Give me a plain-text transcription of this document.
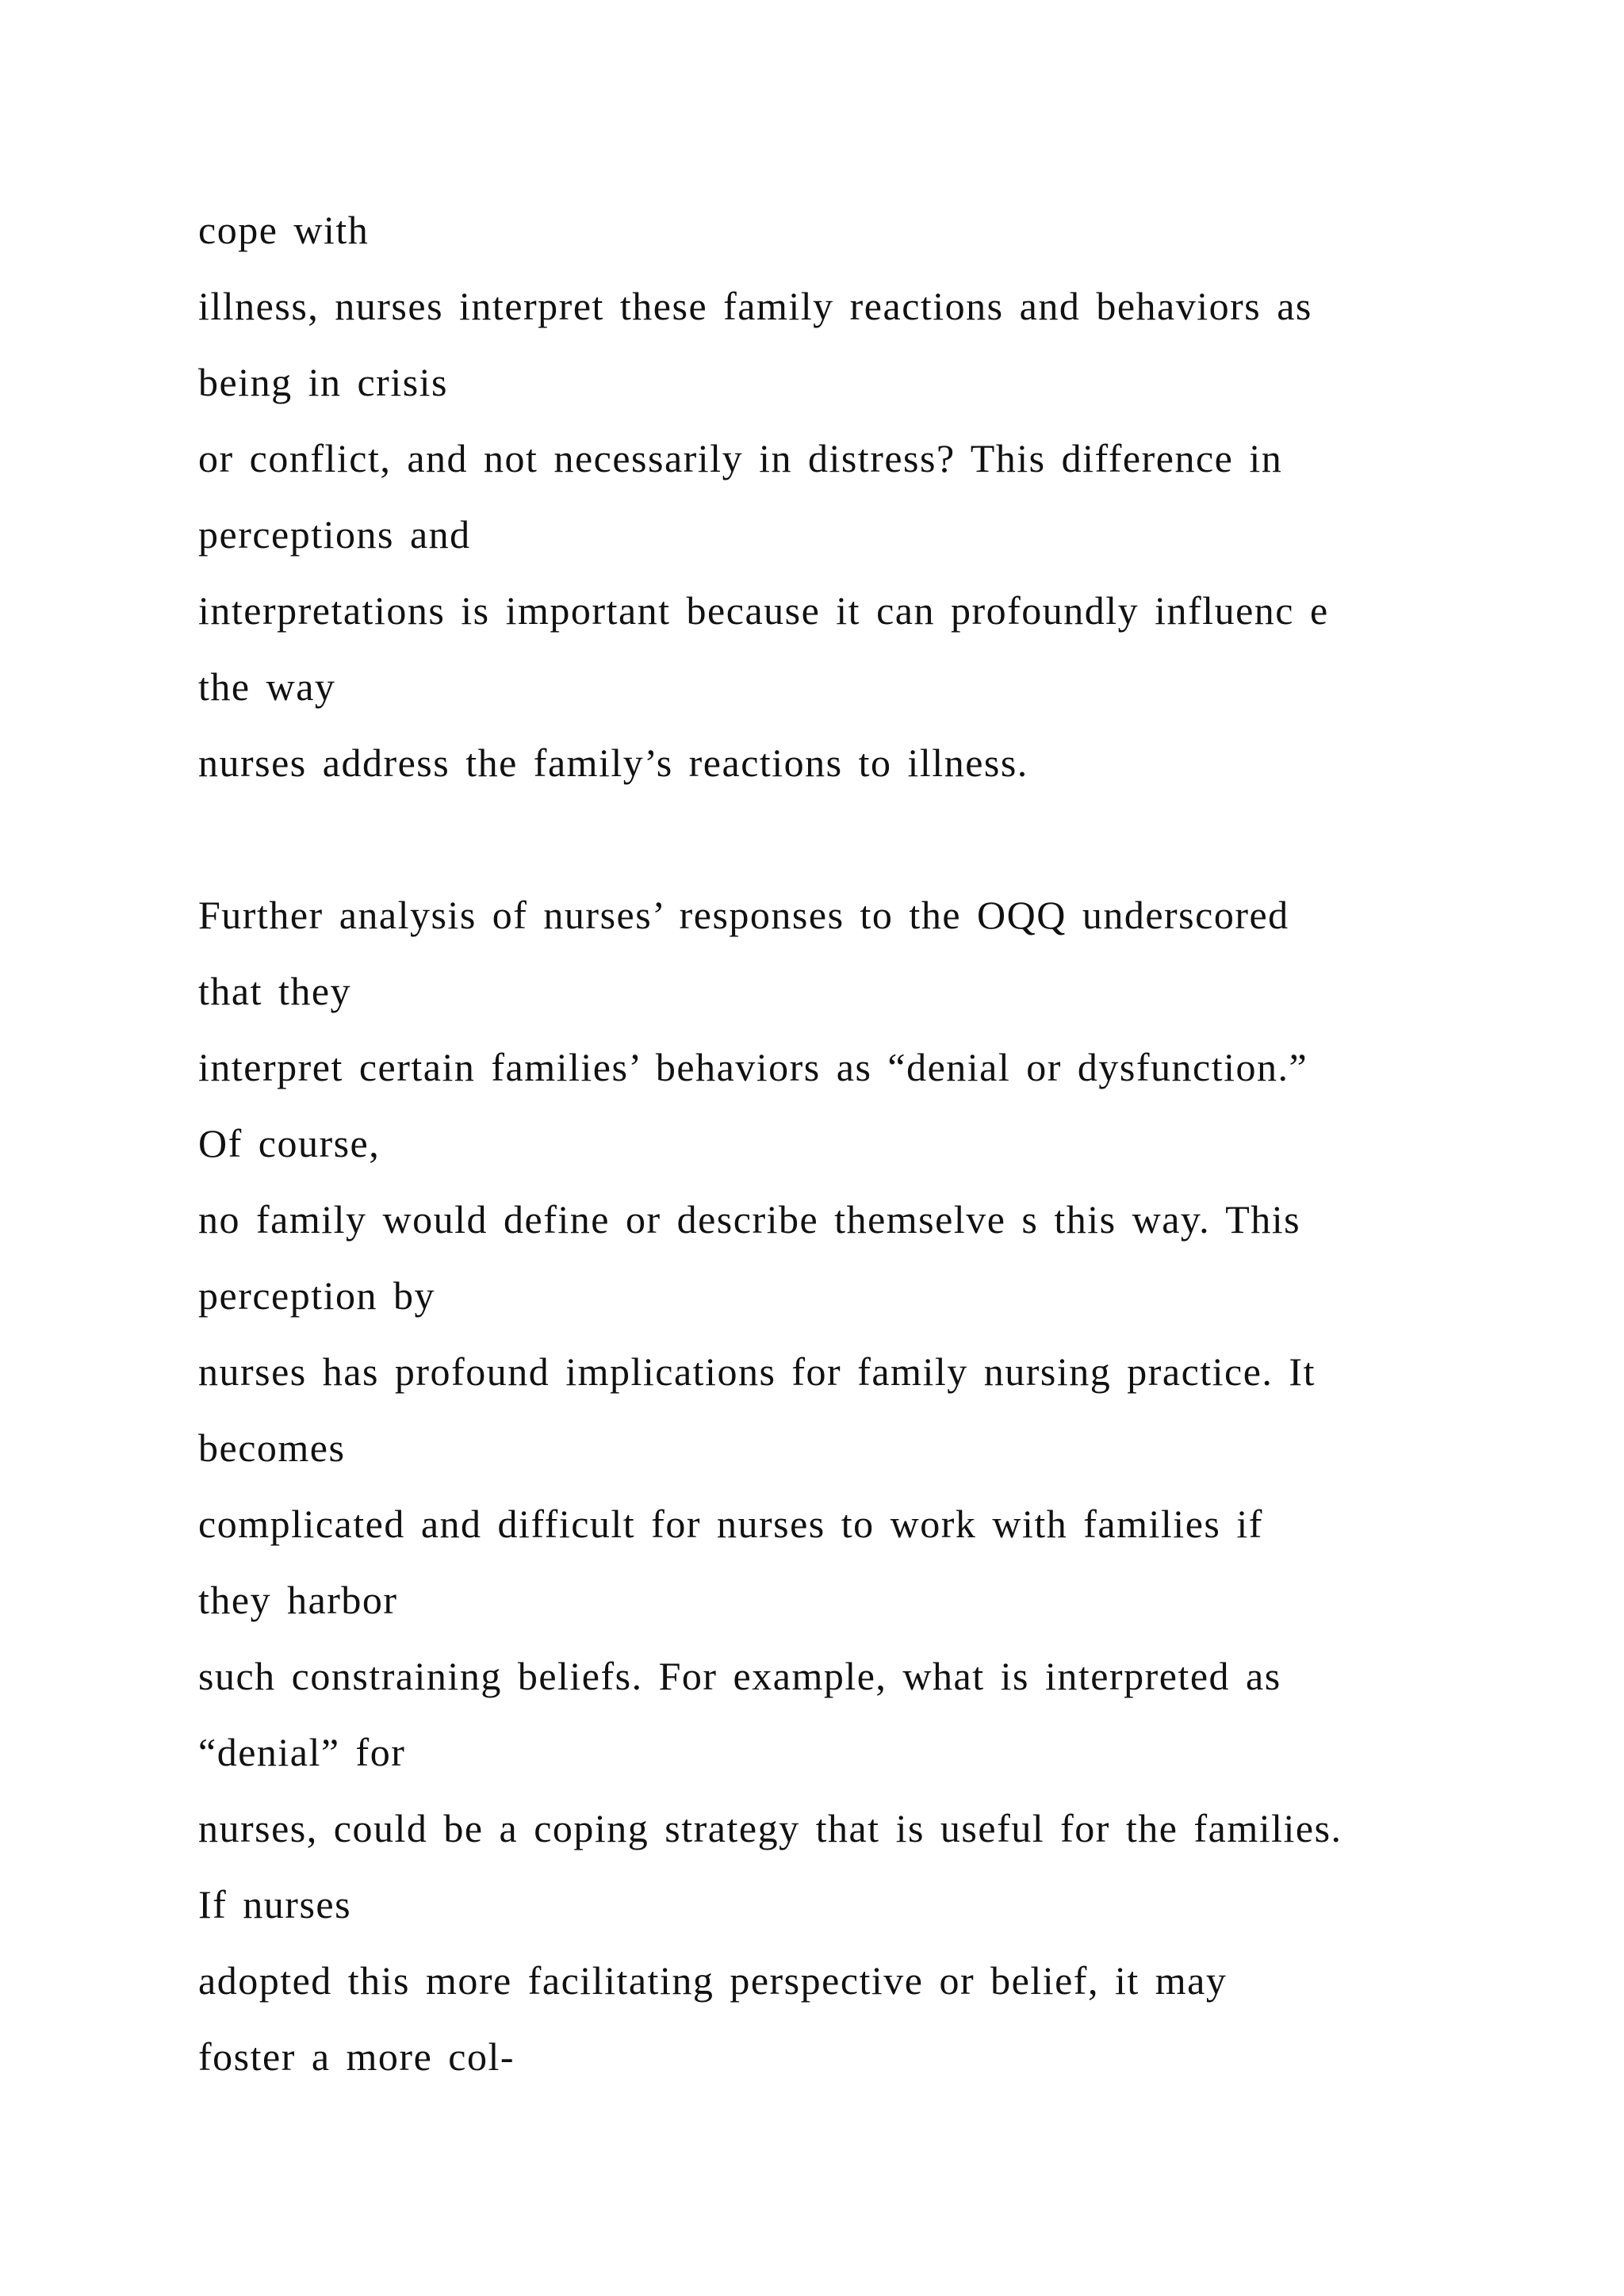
cope with
illness, nurses interpret these family reactions and behaviors as
being in crisis
or conflict, and not necessarily in distress? This difference in
perceptions and
interpretations is important because it can profoundly influenc e
the way
nurses address the family’s reactions to illness.
Further analysis of nurses’ responses to the OQQ underscored
that they
interpret certain families’ behaviors as “denial or dysfunction.”
Of course,
no family would define or describe themselve s this way. This
perception by
nurses has profound implications for family nursing practice. It
becomes
complicated and difficult for nurses to work with families if
they harbor
such constraining beliefs. For example, what is interpreted as
“denial” for
nurses, could be a coping strategy that is useful for the families.
If nurses
adopted this more facilitating perspective or belief, it may
foster a more col-
